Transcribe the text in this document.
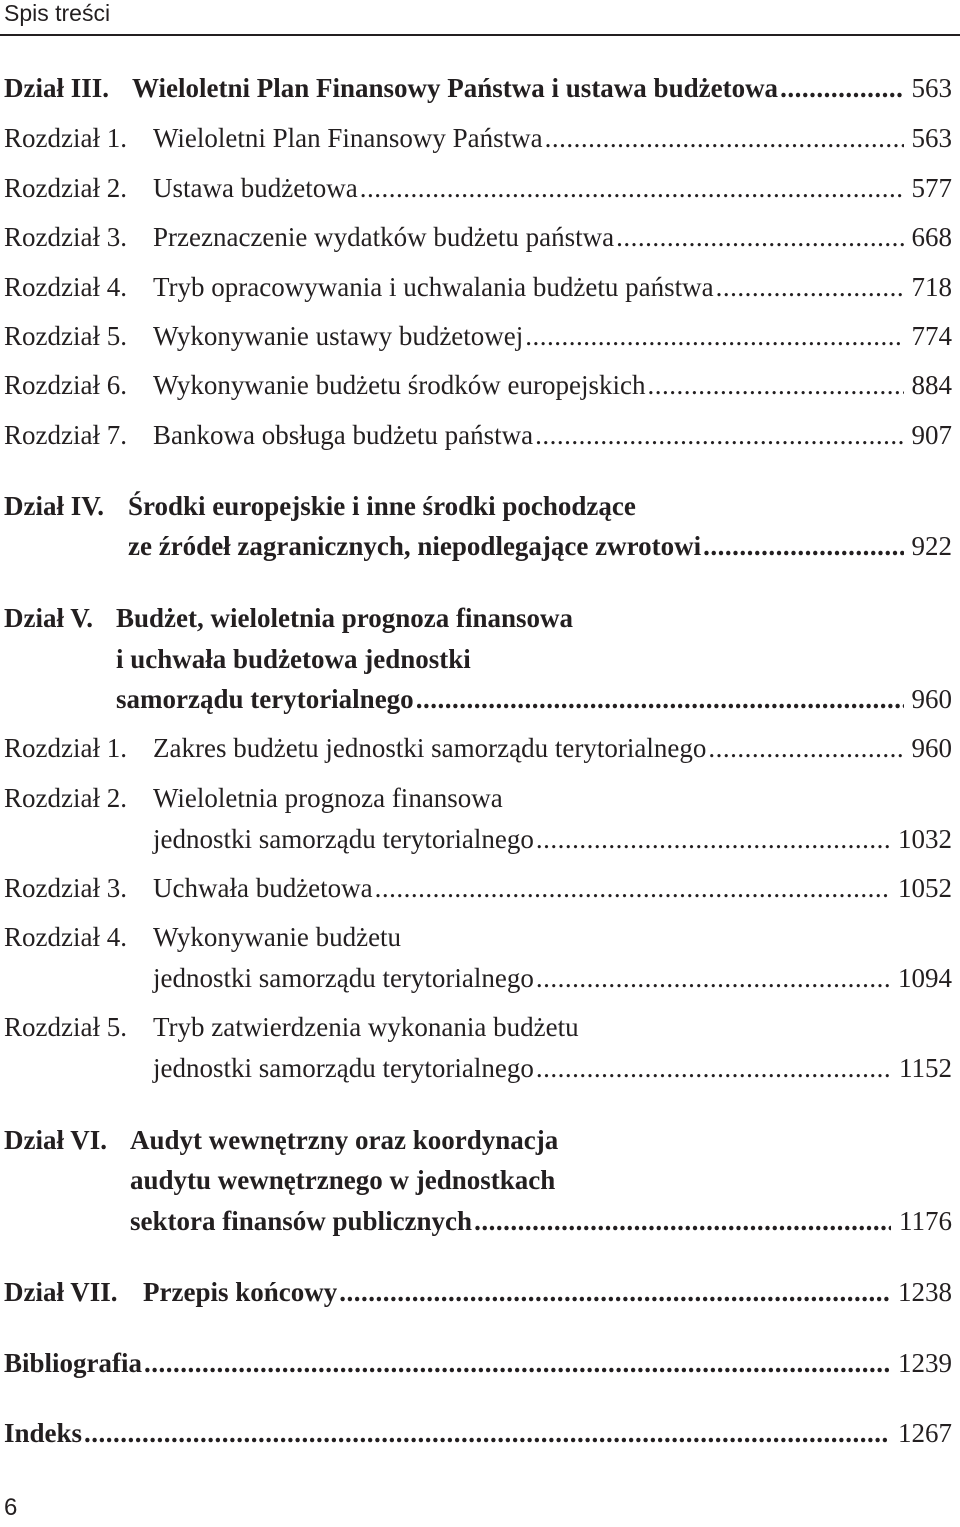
Spis treści
Dział III. Wieloletni Plan Finansowy Państwa i ustawa budżetowa .....	563
Rozdział 1. Wieloletni Plan Finansowy Państwa .....	563
Rozdział 2. Ustawa budżetowa .....	577
Rozdział 3. Przeznaczenie wydatków budżetu państwa .....	668
Rozdział 4. Tryb opracowywania i uchwalania budżetu państwa .....	718
Rozdział 5. Wykonywanie ustawy budżetowej .....	774
Rozdział 6. Wykonywanie budżetu środków europejskich .....	884
Rozdział 7. Bankowa obsługa budżetu państwa .....	907
Dział IV. Środki europejskie i inne środki pochodzące
ze źródeł zagranicznych, niepodlegające zwrotowi .....	922
Dział V. Budżet, wieloletnia prognoza finansowa
i uchwała budżetowa jednostki
samorządu terytorialnego .....	960
Rozdział 1. Zakres budżetu jednostki samorządu terytorialnego .....	960
Rozdział 2. Wieloletnia prognoza finansowa
jednostki samorządu terytorialnego .....	1032
Rozdział 3. Uchwała budżetowa .....	1052
Rozdział 4. Wykonywanie budżetu
jednostki samorządu terytorialnego .....	1094
Rozdział 5. Tryb zatwierdzenia wykonania budżetu
jednostki samorządu terytorialnego .....	1152
Dział VI. Audyt wewnętrzny oraz koordynacja
audytu wewnętrznego w jednostkach
sektora finansów publicznych .....	1176
Dział VII. Przepis końcowy .....	1238
Bibliografia .....	1239
Indeks .....	1267
6
